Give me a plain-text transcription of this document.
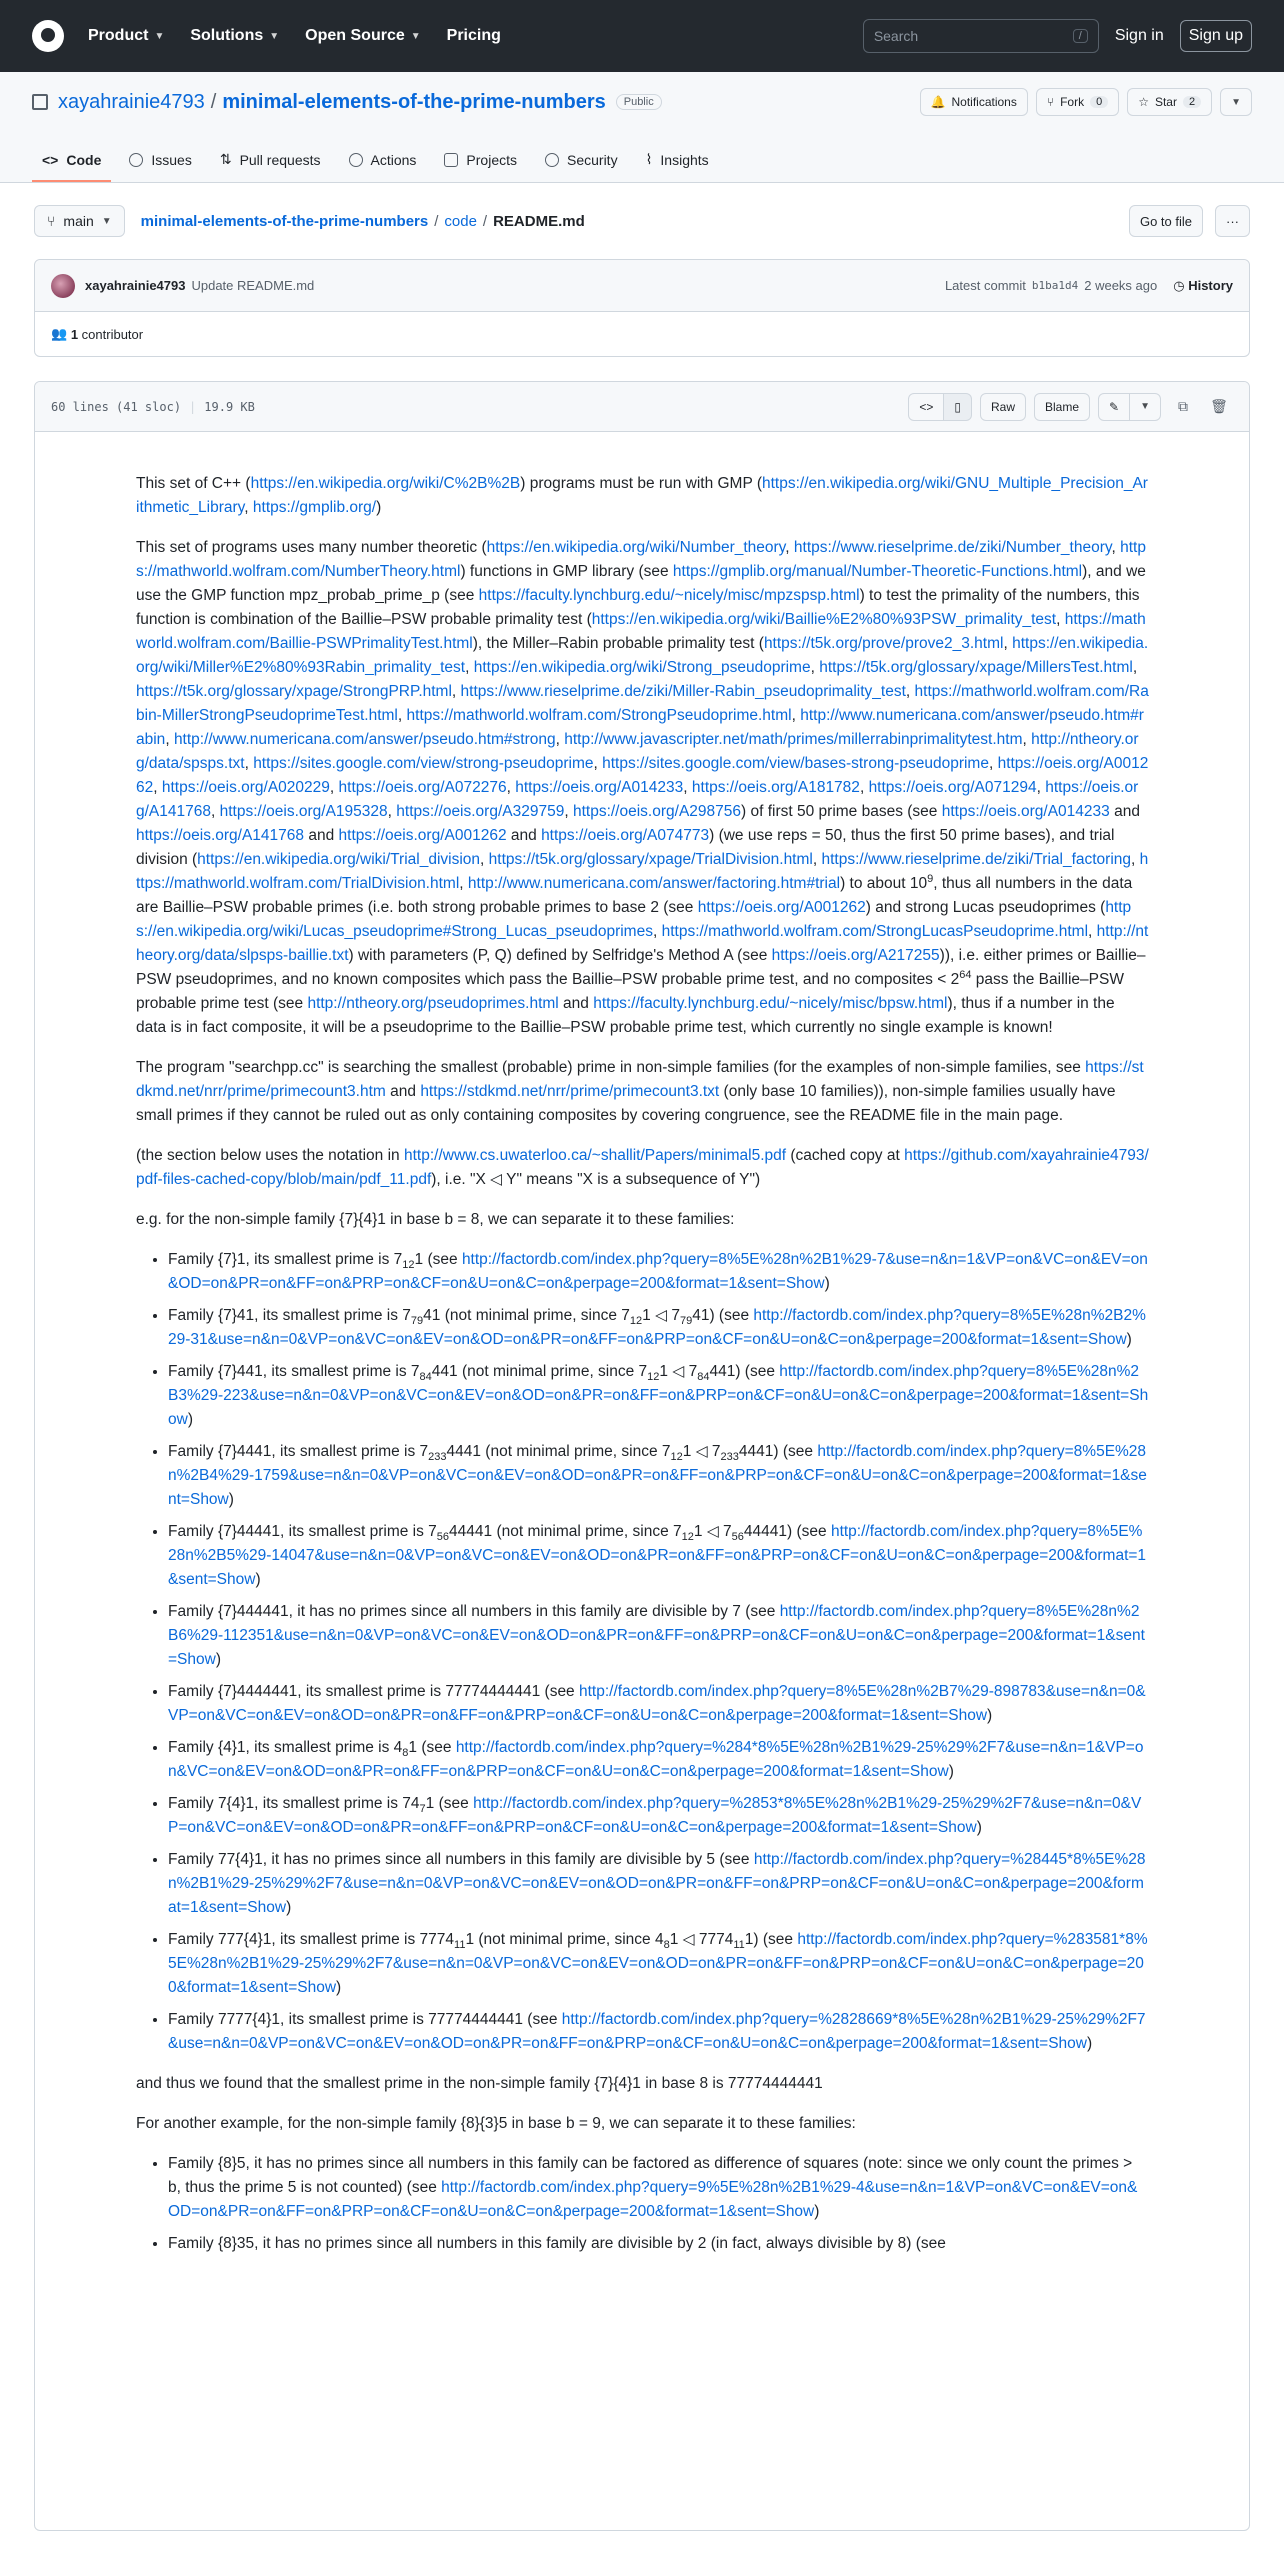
Product ▼ Solutions ▼ Open Source ▼ Pricing	Search	/	Sign in	Sign up
xayahrainie4793 / minimal-elements-of-the-prime-numbers	Public	🔔 Notifications	⑂ Fork	0	☆ Star	2	▼
<> Code	Issues ⇅ Pull requests	Actions	Projects	Security ⌇ Insights
⑂ main ▼ minimal-elements-of-the-prime-numbers / code / README.md	Go to file	···
xayahrainie4793 Update README.md	Latest commit b1ba1d4 2 weeks ago ◷ History
👥
1
contributor
60 lines (41 sloc) | 19.9 KB	<> ▯	Raw	Blame	✎ ▼ ⧉ 🗑

This set of C++ (https://en.wikipedia.org/wiki/C%2B%2B) programs must be run with GMP (https://en.wikipedia.org/wiki/GNU_Multiple_Precision_Arithmetic_Library, https://gmplib.org/)

This set of programs uses many number theoretic (https://en.wikipedia.org/wiki/Number_theory, https://www.rieselprime.de/ziki/Number_theory, https://mathworld.wolfram.com/NumberTheory.html) functions in GMP library (see https://gmplib.org/manual/Number-Theoretic-Functions.html), and we use the GMP function mpz_probab_prime_p (see https://faculty.lynchburg.edu/~nicely/misc/mpzspsp.html) to test the primality of the numbers, this function is combination of the Baillie–PSW probable primality test (https://en.wikipedia.org/wiki/Baillie%E2%80%93PSW_primality_test, https://mathworld.wolfram.com/Baillie-PSWPrimalityTest.html), the Miller–Rabin probable primality test (https://t5k.org/prove/prove2_3.html, https://en.wikipedia.org/wiki/Miller%E2%80%93Rabin_primality_test, https://en.wikipedia.org/wiki/Strong_pseudoprime, https://t5k.org/glossary/xpage/MillersTest.html, https://t5k.org/glossary/xpage/StrongPRP.html, https://www.rieselprime.de/ziki/Miller-Rabin_pseudoprimality_test, https://mathworld.wolfram.com/Rabin-MillerStrongPseudoprimeTest.html, https://mathworld.wolfram.com/StrongPseudoprime.html, http://www.numericana.com/answer/pseudo.htm#rabin, http://www.numericana.com/answer/pseudo.htm#strong, http://www.javascripter.net/math/primes/millerrabinprimalitytest.htm, http://ntheory.org/data/spsps.txt, https://sites.google.com/view/strong-pseudoprime, https://sites.google.com/view/bases-strong-pseudoprime, https://oeis.org/A001262, https://oeis.org/A020229, https://oeis.org/A072276, https://oeis.org/A014233, https://oeis.org/A181782, https://oeis.org/A071294, https://oeis.org/A141768, https://oeis.org/A195328, https://oeis.org/A329759, https://oeis.org/A298756) of first 50 prime bases (see https://oeis.org/A014233 and https://oeis.org/A141768 and https://oeis.org/A001262 and https://oeis.org/A074773) (we use reps = 50, thus the first 50 prime bases), and trial division (https://en.wikipedia.org/wiki/Trial_division, https://t5k.org/glossary/xpage/TrialDivision.html, https://www.rieselprime.de/ziki/Trial_factoring, https://mathworld.wolfram.com/TrialDivision.html, http://www.numericana.com/answer/factoring.htm#trial) to about $10^9$, thus all numbers in the data are Baillie–PSW probable primes (i.e. both strong probable primes to base 2 (see https://oeis.org/A001262) and strong Lucas pseudoprimes (https://en.wikipedia.org/wiki/Lucas_pseudoprime#Strong_Lucas_pseudoprimes, https://mathworld.wolfram.com/StrongLucasPseudoprime.html, http://ntheory.org/data/slpsps-baillie.txt) with parameters (P, Q) defined by Selfridge's Method A (see https://oeis.org/A217255)), i.e. either primes or Baillie–PSW pseudoprimes, and no known composites which pass the Baillie–PSW probable prime test, and no composites < $2^{64}$ pass the Baillie–PSW probable prime test (see http://ntheory.org/pseudoprimes.html and https://faculty.lynchburg.edu/~nicely/misc/bpsw.html), thus if a number in the data is in fact composite, it will be a pseudoprime to the Baillie–PSW probable prime test, which currently no single example is known!

The program "searchpp.cc" is searching the smallest (probable) prime in non-simple families (for the examples of non-simple families, see https://stdkmd.net/nrr/prime/primecount3.htm and https://stdkmd.net/nrr/prime/primecount3.txt (only base 10 families)), non-simple families usually have small primes if they cannot be ruled out as only containing composites by covering congruence, see the README file in the main page.

(the section below uses the notation in http://www.cs.uwaterloo.ca/~shallit/Papers/minimal5.pdf (cached copy at https://github.com/xayahrainie4793/pdf-files-cached-copy/blob/main/pdf_11.pdf), i.e. "X ◁ Y" means "X is a subsequence of Y")

e.g. for the non-simple family {7}{4}1 in base b = 8, we can separate it to these families:

• Family {7}1, its smallest prime is $7_{12}1$ (see http://factordb.com/index.php?query=8%5E%28n%2B1%29-7&use=n&n=1&VP=on&VC=on&EV=on&OD=on&PR=on&FF=on&PRP=on&CF=on&U=on&C=on&perpage=200&format=1&sent=Show)
• Family {7}41, its smallest prime is $7_{79}41$ (not minimal prime, since $7_{12}1$ ◁ $7_{79}41$) (see http://factordb.com/index.php?query=8%5E%28n%2B2%29-31&use=n&n=0&VP=on&VC=on&EV=on&OD=on&PR=on&FF=on&PRP=on&CF=on&U=on&C=on&perpage=200&format=1&sent=Show)
• Family {7}441, its smallest prime is $7_{84}441$ (not minimal prime, since $7_{12}1$ ◁ $7_{84}441$) (see http://factordb.com/index.php?query=8%5E%28n%2B3%29-223&use=n&n=0&VP=on&VC=on&EV=on&OD=on&PR=on&FF=on&PRP=on&CF=on&U=on&C=on&perpage=200&format=1&sent=Show)
• Family {7}4441, its smallest prime is $7_{233}4441$ (not minimal prime, since $7_{12}1$ ◁ $7_{233}4441$) (see http://factordb.com/index.php?query=8%5E%28n%2B4%29-1759&use=n&n=0&VP=on&VC=on&EV=on&OD=on&PR=on&FF=on&PRP=on&CF=on&U=on&C=on&perpage=200&format=1&sent=Show)
• Family {7}44441, its smallest prime is $7_{56}44441$ (not minimal prime, since $7_{12}1$ ◁ $7_{56}44441$) (see http://factordb.com/index.php?query=8%5E%28n%2B5%29-14047&use=n&n=0&VP=on&VC=on&EV=on&OD=on&PR=on&FF=on&PRP=on&CF=on&U=on&C=on&perpage=200&format=1&sent=Show)
• Family {7}444441, it has no primes since all numbers in this family are divisible by 7 (see http://factordb.com/index.php?query=8%5E%28n%2B6%29-112351&use=n&n=0&VP=on&VC=on&EV=on&OD=on&PR=on&FF=on&PRP=on&CF=on&U=on&C=on&perpage=200&format=1&sent=Show)
• Family {7}4444441, its smallest prime is 77774444441 (see http://factordb.com/index.php?query=8%5E%28n%2B7%29-898783&use=n&n=0&VP=on&VC=on&EV=on&OD=on&PR=on&FF=on&PRP=on&CF=on&U=on&C=on&perpage=200&format=1&sent=Show)
• Family {4}1, its smallest prime is $4_81$ (see http://factordb.com/index.php?query=%284*8%5E%28n%2B1%29-25%29%2F7&use=n&n=1&VP=on&VC=on&EV=on&OD=on&PR=on&FF=on&PRP=on&CF=on&U=on&C=on&perpage=200&format=1&sent=Show)
• Family 7{4}1, its smallest prime is $74_71$ (see http://factordb.com/index.php?query=%2853*8%5E%28n%2B1%29-25%29%2F7&use=n&n=0&VP=on&VC=on&EV=on&OD=on&PR=on&FF=on&PRP=on&CF=on&U=on&C=on&perpage=200&format=1&sent=Show)
• Family 77{4}1, it has no primes since all numbers in this family are divisible by 5 (see http://factordb.com/index.php?query=%28445*8%5E%28n%2B1%29-25%29%2F7&use=n&n=0&VP=on&VC=on&EV=on&OD=on&PR=on&FF=on&PRP=on&CF=on&U=on&C=on&perpage=200&format=1&sent=Show)
• Family 777{4}1, its smallest prime is $7774_{11}1$ (not minimal prime, since $4_81$ ◁ $7774_{11}1$) (see http://factordb.com/index.php?query=%283581*8%5E%28n%2B1%29-25%29%2F7&use=n&n=0&VP=on&VC=on&EV=on&OD=on&PR=on&FF=on&PRP=on&CF=on&U=on&C=on&perpage=200&format=1&sent=Show)
• Family 7777{4}1, its smallest prime is 77774444441 (see http://factordb.com/index.php?query=%2828669*8%5E%28n%2B1%29-25%29%2F7&use=n&n=0&VP=on&VC=on&EV=on&OD=on&PR=on&FF=on&PRP=on&CF=on&U=on&C=on&perpage=200&format=1&sent=Show)

and thus we found that the smallest prime in the non-simple family {7}{4}1 in base 8 is 77774444441

For another example, for the non-simple family {8}{3}5 in base b = 9, we can separate it to these families:

• Family {8}5, it has no primes since all numbers in this family can be factored as difference of squares (note: since we only count the primes > b, thus the prime 5 is not counted) (see http://factordb.com/index.php?query=9%5E%28n%2B1%29-4&use=n&n=1&VP=on&VC=on&EV=on&OD=on&PR=on&FF=on&PRP=on&CF=on&U=on&C=on&perpage=200&format=1&sent=Show)
• Family {8}35, it has no primes since all numbers in this family are divisible by 2 (in fact, always divisible by 8) (see
